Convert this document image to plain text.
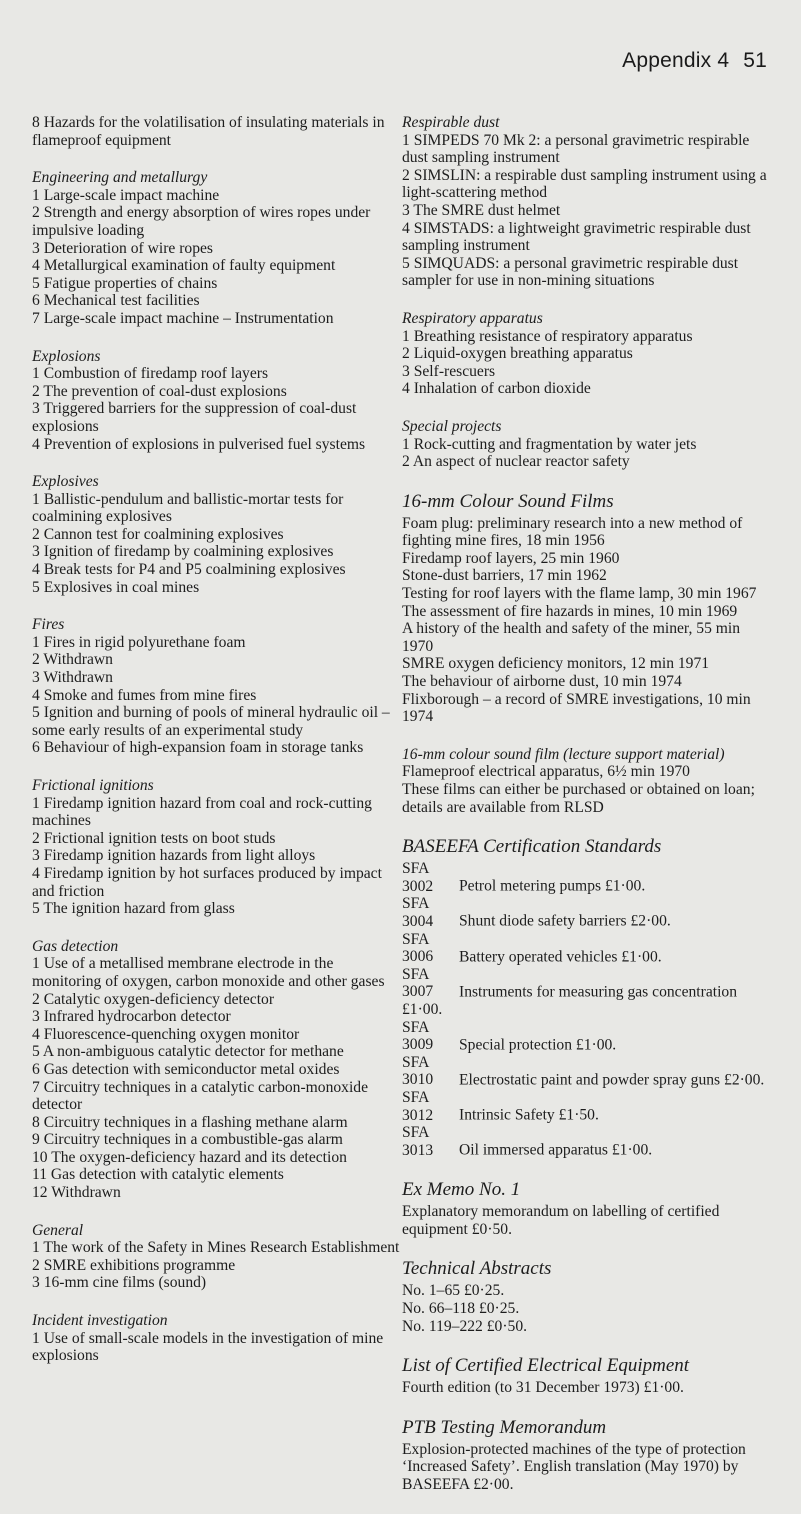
Appendix 4 51
8 Hazards for the volatilisation of insulating materials in flameproof equipment
Engineering and metallurgy
1 Large-scale impact machine
2 Strength and energy absorption of wires ropes under impulsive loading
3 Deterioration of wire ropes
4 Metallurgical examination of faulty equipment
5 Fatigue properties of chains
6 Mechanical test facilities
7 Large-scale impact machine – Instrumentation
Explosions
1 Combustion of firedamp roof layers
2 The prevention of coal-dust explosions
3 Triggered barriers for the suppression of coal-dust explosions
4 Prevention of explosions in pulverised fuel systems
Explosives
1 Ballistic-pendulum and ballistic-mortar tests for coalmining explosives
2 Cannon test for coalmining explosives
3 Ignition of firedamp by coalmining explosives
4 Break tests for P4 and P5 coalmining explosives
5 Explosives in coal mines
Fires
1 Fires in rigid polyurethane foam
2 Withdrawn
3 Withdrawn
4 Smoke and fumes from mine fires
5 Ignition and burning of pools of mineral hydraulic oil – some early results of an experimental study
6 Behaviour of high-expansion foam in storage tanks
Frictional ignitions
1 Firedamp ignition hazard from coal and rock-cutting machines
2 Frictional ignition tests on boot studs
3 Firedamp ignition hazards from light alloys
4 Firedamp ignition by hot surfaces produced by impact and friction
5 The ignition hazard from glass
Gas detection
1 Use of a metallised membrane electrode in the monitoring of oxygen, carbon monoxide and other gases
2 Catalytic oxygen-deficiency detector
3 Infrared hydrocarbon detector
4 Fluorescence-quenching oxygen monitor
5 A non-ambiguous catalytic detector for methane
6 Gas detection with semiconductor metal oxides
7 Circuitry techniques in a catalytic carbon-monoxide detector
8 Circuitry techniques in a flashing methane alarm
9 Circuitry techniques in a combustible-gas alarm
10 The oxygen-deficiency hazard and its detection
11 Gas detection with catalytic elements
12 Withdrawn
General
1 The work of the Safety in Mines Research Establishment
2 SMRE exhibitions programme
3 16-mm cine films (sound)
Incident investigation
1 Use of small-scale models in the investigation of mine explosions
Respirable dust
1 SIMPEDS 70 Mk 2: a personal gravimetric respirable dust sampling instrument
2 SIMSLIN: a respirable dust sampling instrument using a light-scattering method
3 The SMRE dust helmet
4 SIMSTADS: a lightweight gravimetric respirable dust sampling instrument
5 SIMQUADS: a personal gravimetric respirable dust sampler for use in non-mining situations
Respiratory apparatus
1 Breathing resistance of respiratory apparatus
2 Liquid-oxygen breathing apparatus
3 Self-rescuers
4 Inhalation of carbon dioxide
Special projects
1 Rock-cutting and fragmentation by water jets
2 An aspect of nuclear reactor safety
16-mm Colour Sound Films
Foam plug: preliminary research into a new method of fighting mine fires, 18 min 1956
Firedamp roof layers, 25 min 1960
Stone-dust barriers, 17 min 1962
Testing for roof layers with the flame lamp, 30 min 1967
The assessment of fire hazards in mines, 10 min 1969
A history of the health and safety of the miner, 55 min 1970
SMRE oxygen deficiency monitors, 12 min 1971
The behaviour of airborne dust, 10 min 1974
Flixborough – a record of SMRE investigations, 10 min 1974
16-mm colour sound film (lecture support material)
Flameproof electrical apparatus, 6½ min 1970
These films can either be purchased or obtained on loan; details are available from RLSD
BASEEFA Certification Standards
SFA 3002 Petrol metering pumps £1·00.
SFA 3004 Shunt diode safety barriers £2·00.
SFA 3006 Battery operated vehicles £1·00.
SFA 3007 Instruments for measuring gas concentration £1·00.
SFA 3009 Special protection £1·00.
SFA 3010 Electrostatic paint and powder spray guns £2·00.
SFA 3012 Intrinsic Safety £1·50.
SFA 3013 Oil immersed apparatus £1·00.
Ex Memo No. 1
Explanatory memorandum on labelling of certified equipment £0·50.
Technical Abstracts
No. 1–65 £0·25.
No. 66–118 £0·25.
No. 119–222 £0·50.
List of Certified Electrical Equipment
Fourth edition (to 31 December 1973) £1·00.
PTB Testing Memorandum
Explosion-protected machines of the type of protection ‘Increased Safety’. English translation (May 1970) by BASEEFA £2·00.
